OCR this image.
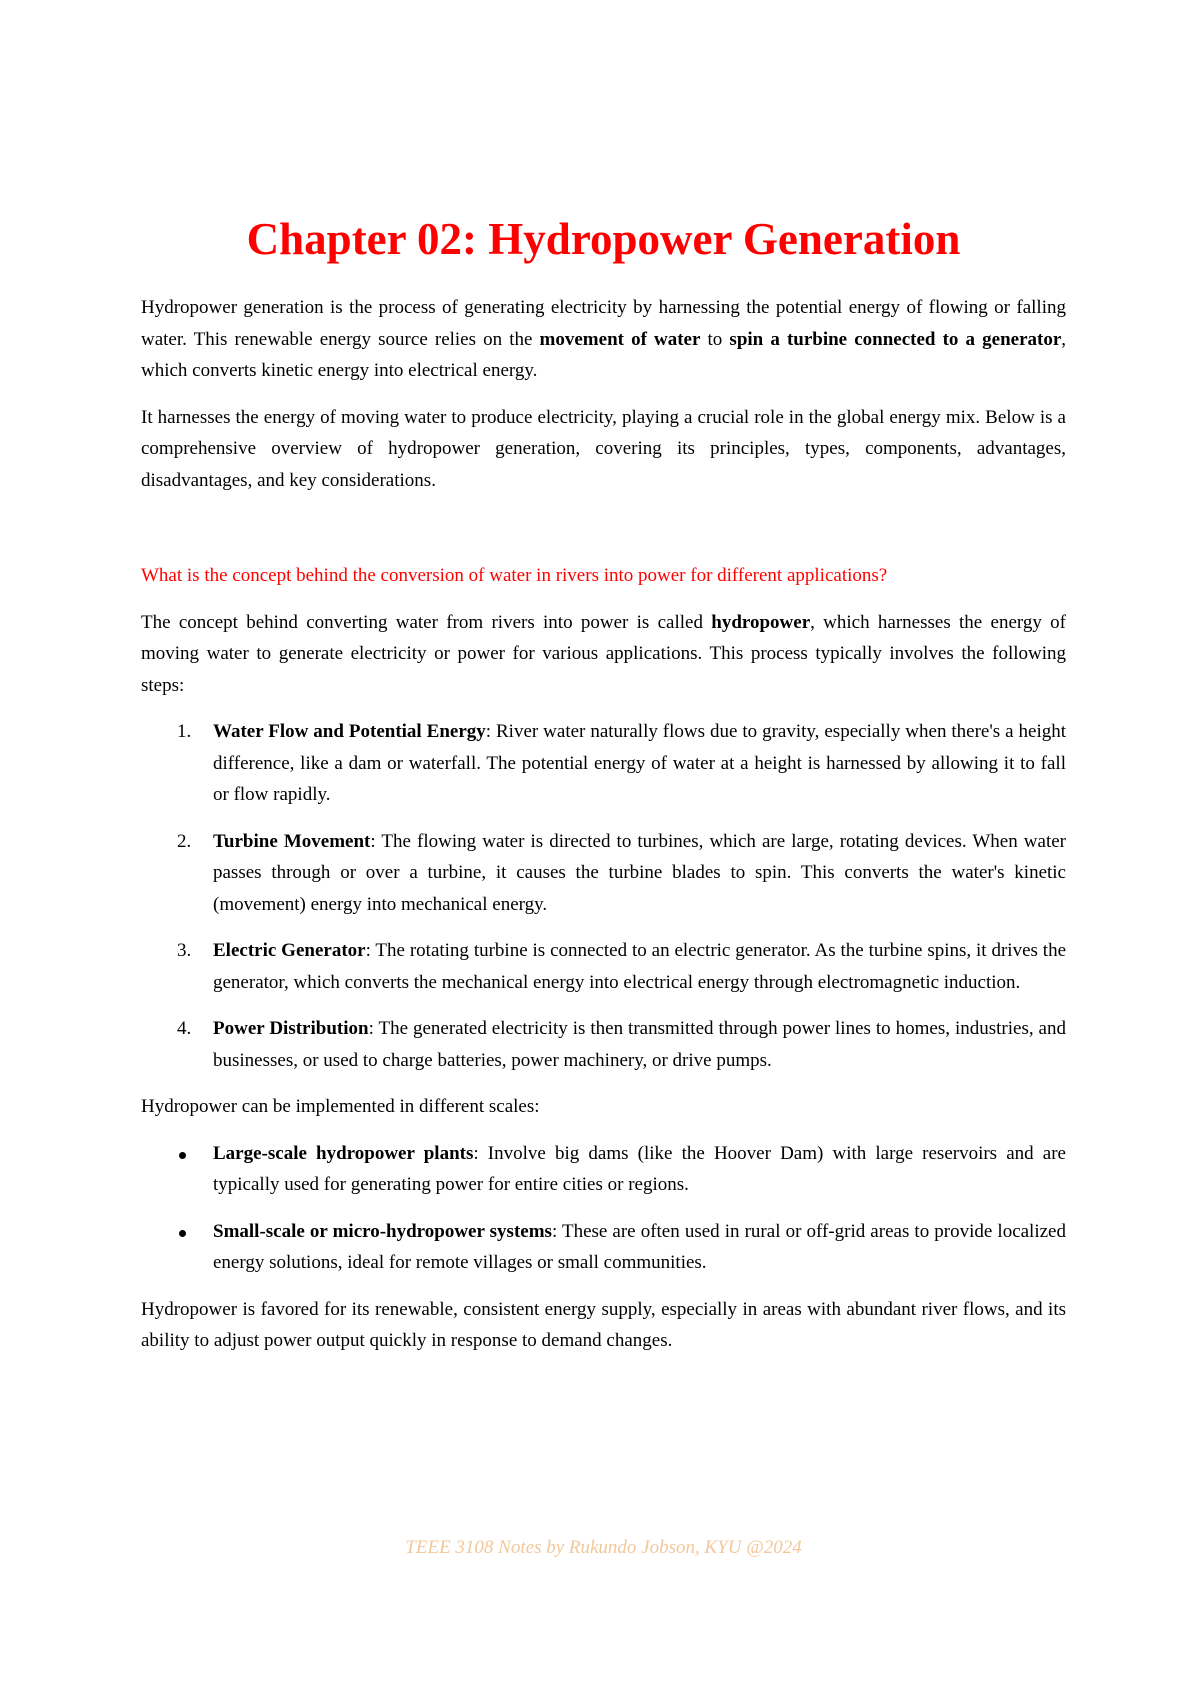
Chapter 02: Hydropower Generation

Hydropower generation is the process of generating electricity by harnessing the potential energy of flowing or falling water. This renewable energy source relies on the movement of water to spin a turbine connected to a generator, which converts kinetic energy into electrical energy.

It harnesses the energy of moving water to produce electricity, playing a crucial role in the global energy mix. Below is a comprehensive overview of hydropower generation, covering its principles, types, components, advantages, disadvantages, and key considerations.

What is the concept behind the conversion of water in rivers into power for different applications?

The concept behind converting water from rivers into power is called hydropower, which harnesses the energy of moving water to generate electricity or power for various applications. This process typically involves the following steps:

1. Water Flow and Potential Energy: River water naturally flows due to gravity, especially when there's a height difference, like a dam or waterfall. The potential energy of water at a height is harnessed by allowing it to fall or flow rapidly.
2. Turbine Movement: The flowing water is directed to turbines, which are large, rotating devices. When water passes through or over a turbine, it causes the turbine blades to spin. This converts the water's kinetic (movement) energy into mechanical energy.
3. Electric Generator: The rotating turbine is connected to an electric generator. As the turbine spins, it drives the generator, which converts the mechanical energy into electrical energy through electromagnetic induction.
4. Power Distribution: The generated electricity is then transmitted through power lines to homes, industries, and businesses, or used to charge batteries, power machinery, or drive pumps.

Hydropower can be implemented in different scales:

Large-scale hydropower plants: Involve big dams (like the Hoover Dam) with large reservoirs and are typically used for generating power for entire cities or regions.
Small-scale or micro-hydropower systems: These are often used in rural or off-grid areas to provide localized energy solutions, ideal for remote villages or small communities.

Hydropower is favored for its renewable, consistent energy supply, especially in areas with abundant river flows, and its ability to adjust power output quickly in response to demand changes.

TEEE 3108 Notes by Rukundo Jobson, KYU @2024
